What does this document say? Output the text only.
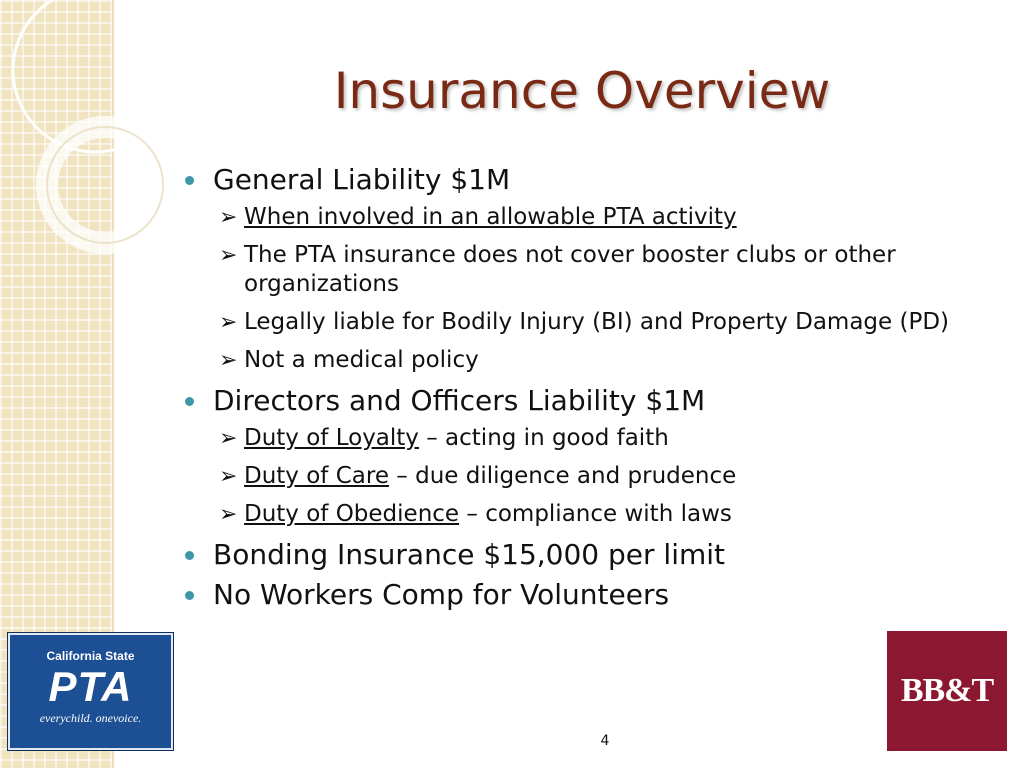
Insurance Overview
General Liability $1M
➢ When involved in an allowable PTA activity
➢ The PTA insurance does not cover booster clubs or other organizations
➢ Legally liable for Bodily Injury (BI) and Property Damage (PD)
➢ Not a medical policy
Directors and Officers Liability $1M
➢ Duty of Loyalty – acting in good faith
➢ Duty of Care – due diligence and prudence
➢ Duty of Obedience – compliance with laws
Bonding Insurance $15,000 per limit
No Workers Comp for Volunteers
California State
PTA
everychild. onevoice.
BB&T
4
